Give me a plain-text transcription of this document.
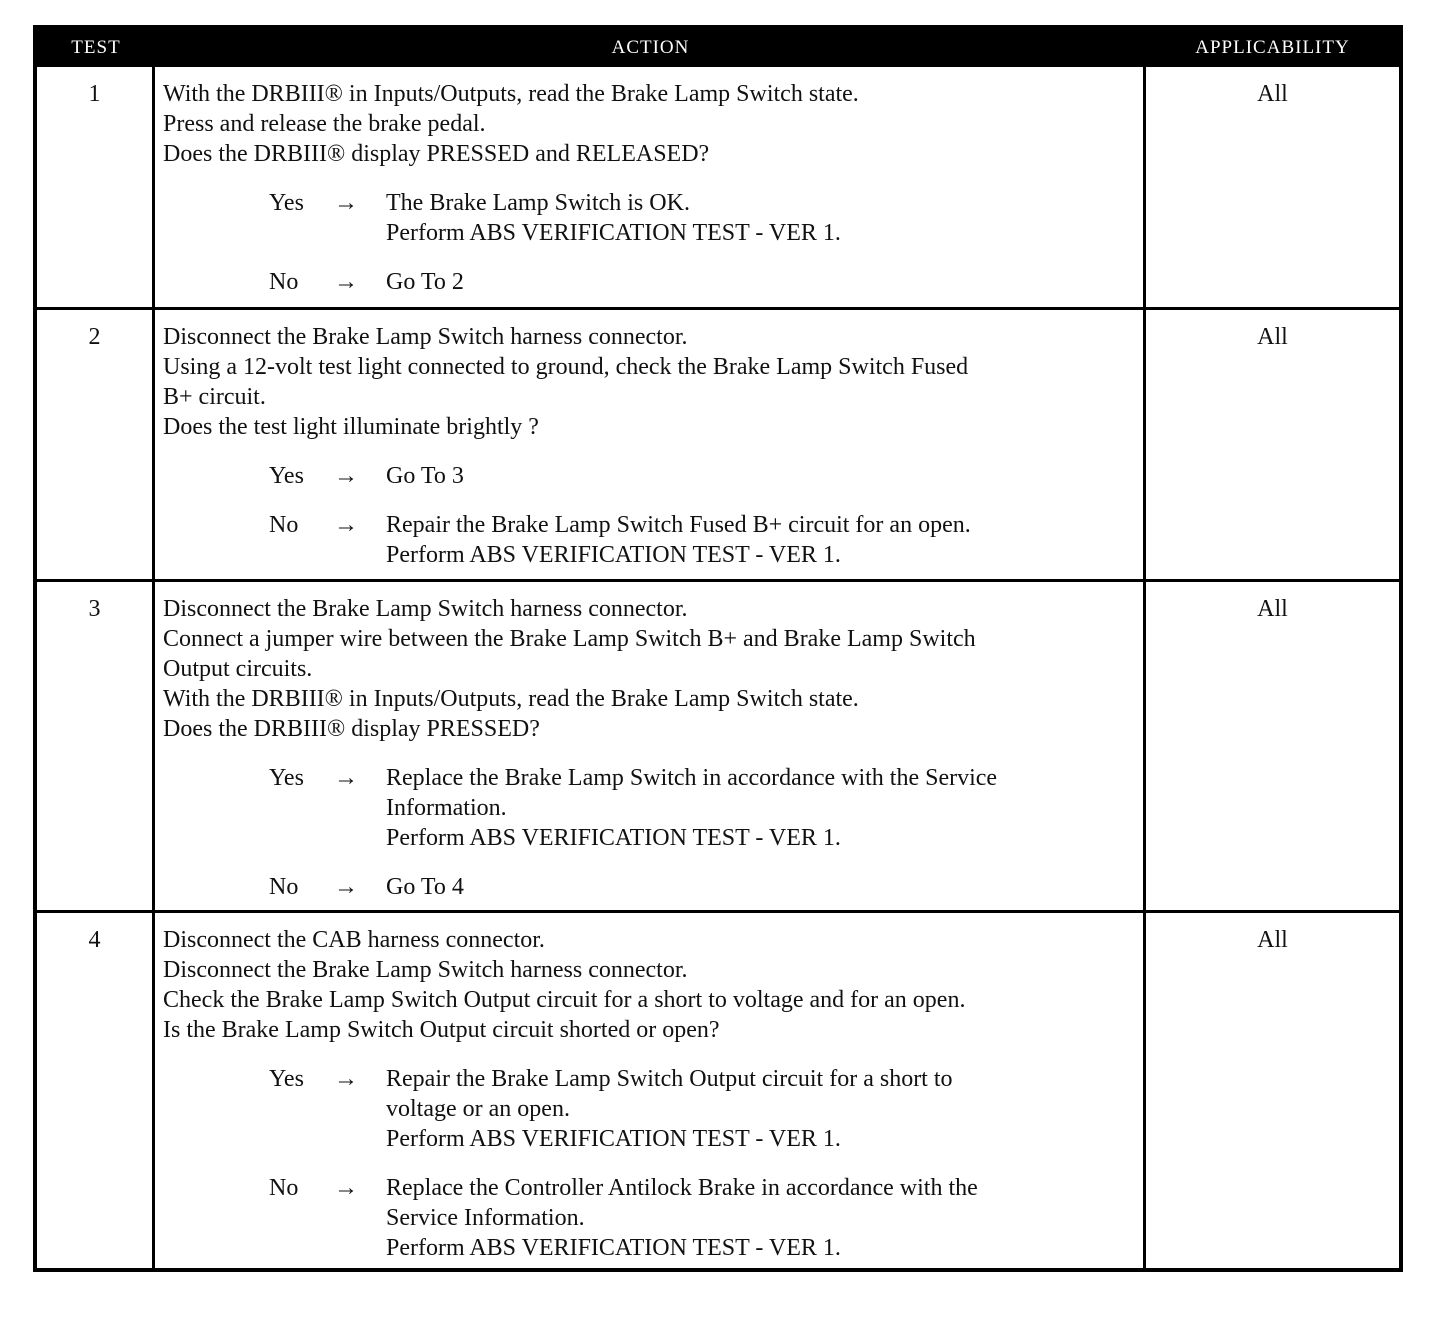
TEST	ACTION	APPLICABILITY
1	With the DRBIII® in Inputs/Outputs, read the Brake Lamp Switch state.
Press and release the brake pedal.
Does the DRBIII® display PRESSED and RELEASED?
Yes	→	The Brake Lamp Switch is OK.
Perform ABS VERIFICATION TEST - VER 1.
No	→	Go To 2
All
2	Disconnect the Brake Lamp Switch harness connector.
Using a 12-volt test light connected to ground, check the Brake Lamp Switch Fused
B+ circuit.
Does the test light illuminate brightly ?
Yes	→	Go To 3
No	→	Repair the Brake Lamp Switch Fused B+ circuit for an open.
Perform ABS VERIFICATION TEST - VER 1.
All
3	Disconnect the Brake Lamp Switch harness connector.
Connect a jumper wire between the Brake Lamp Switch B+ and Brake Lamp Switch
Output circuits.
With the DRBIII® in Inputs/Outputs, read the Brake Lamp Switch state.
Does the DRBIII® display PRESSED?
Yes	→	Replace the Brake Lamp Switch in accordance with the Service
Information.
Perform ABS VERIFICATION TEST - VER 1.
No	→	Go To 4
All
4	Disconnect the CAB harness connector.
Disconnect the Brake Lamp Switch harness connector.
Check the Brake Lamp Switch Output circuit for a short to voltage and for an open.
Is the Brake Lamp Switch Output circuit shorted or open?
Yes	→	Repair the Brake Lamp Switch Output circuit for a short to
voltage or an open.
Perform ABS VERIFICATION TEST - VER 1.
No	→	Replace the Controller Antilock Brake in accordance with the
Service Information.
Perform ABS VERIFICATION TEST - VER 1.
All
